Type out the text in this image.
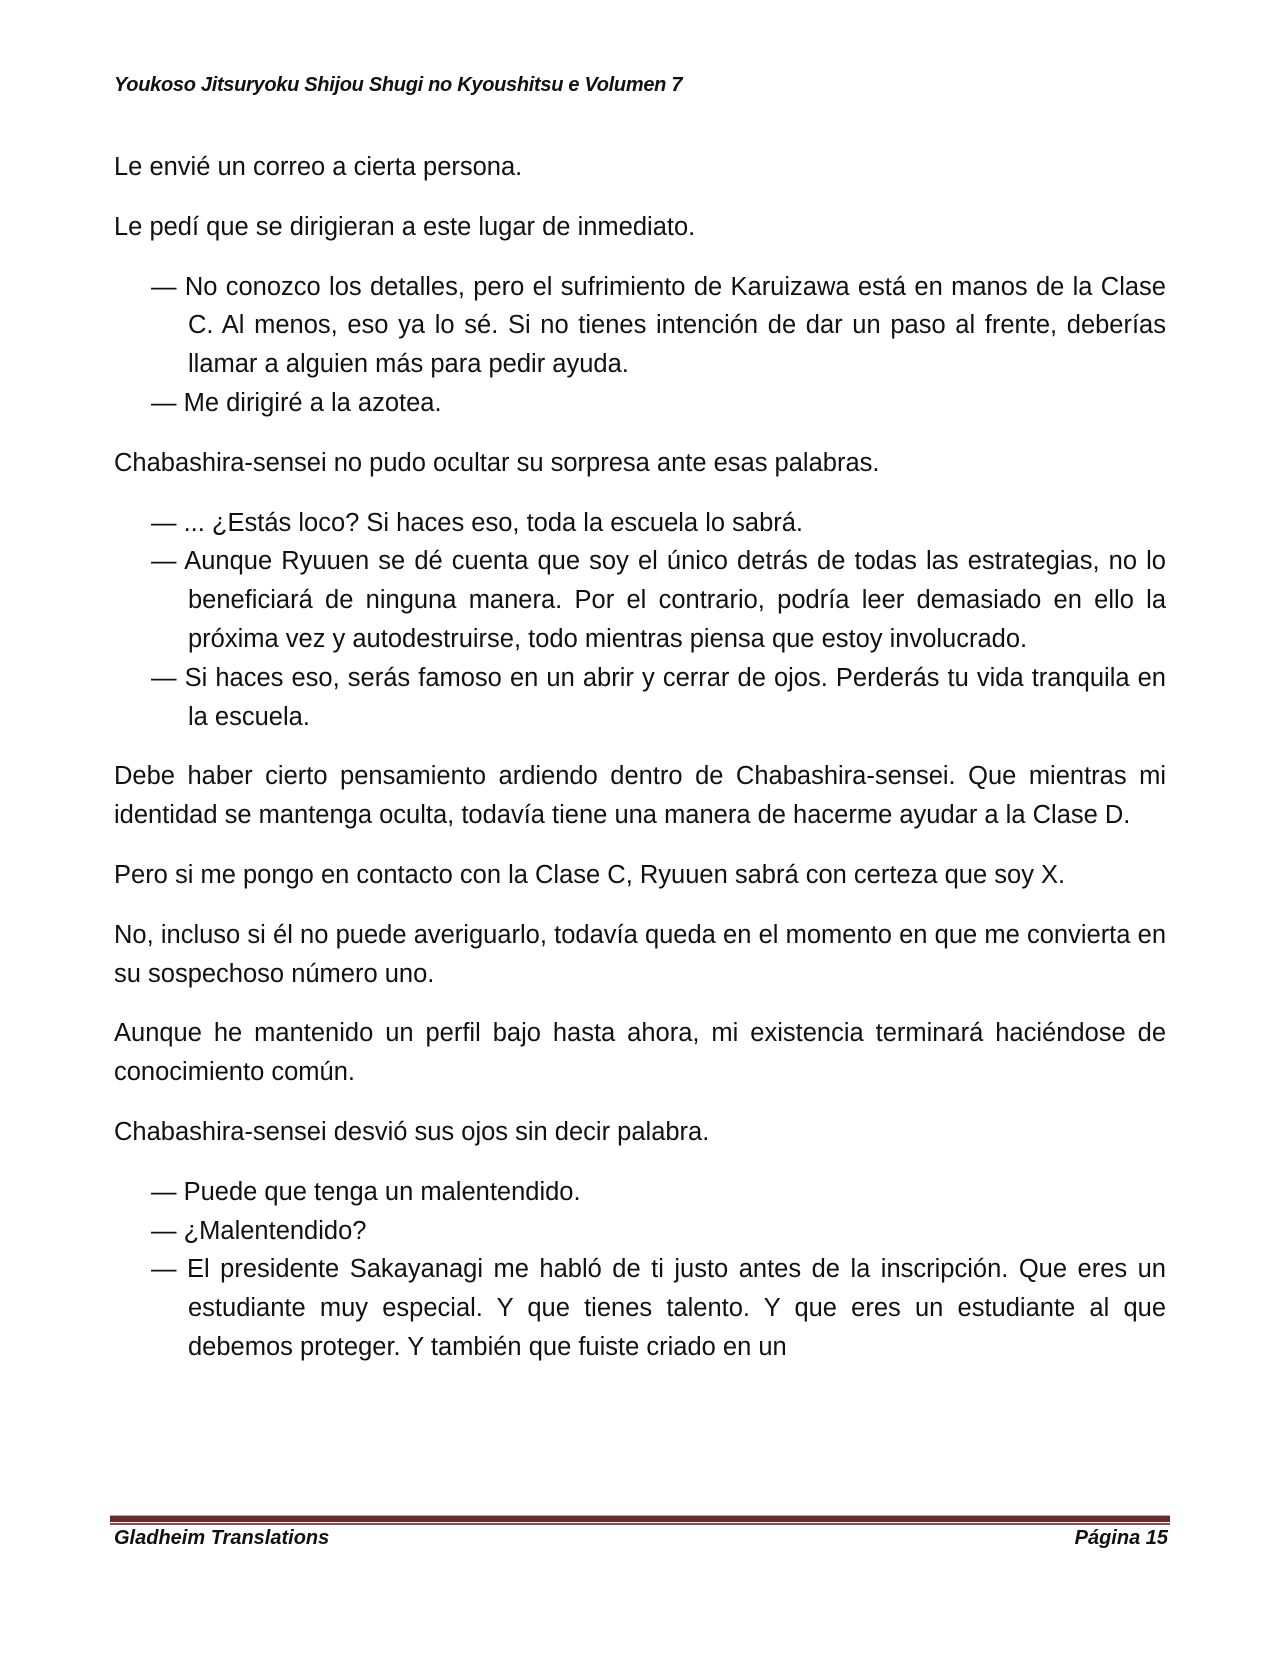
Youkoso Jitsuryoku Shijou Shugi no Kyoushitsu e Volumen 7

Le envié un correo a cierta persona.

Le pedí que se dirigieran a este lugar de inmediato.

— No conozco los detalles, pero el sufrimiento de Karuizawa está en manos de la Clase C. Al menos, eso ya lo sé. Si no tienes intención de dar un paso al frente, deberías llamar a alguien más para pedir ayuda.
— Me dirigiré a la azotea.

Chabashira-sensei no pudo ocultar su sorpresa ante esas palabras.

— ... ¿Estás loco? Si haces eso, toda la escuela lo sabrá.
— Aunque Ryuuen se dé cuenta que soy el único detrás de todas las estrategias, no lo beneficiará de ninguna manera. Por el contrario, podría leer demasiado en ello la próxima vez y autodestruirse, todo mientras piensa que estoy involucrado.
— Si haces eso, serás famoso en un abrir y cerrar de ojos. Perderás tu vida tranquila en la escuela.

Debe haber cierto pensamiento ardiendo dentro de Chabashira-sensei. Que mientras mi identidad se mantenga oculta, todavía tiene una manera de hacerme ayudar a la Clase D.

Pero si me pongo en contacto con la Clase C, Ryuuen sabrá con certeza que soy X.

No, incluso si él no puede averiguarlo, todavía queda en el momento en que me convierta en su sospechoso número uno.

Aunque he mantenido un perfil bajo hasta ahora, mi existencia terminará haciéndose de conocimiento común.

Chabashira-sensei desvió sus ojos sin decir palabra.

— Puede que tenga un malentendido.
— ¿Malentendido?
— El presidente Sakayanagi me habló de ti justo antes de la inscripción. Que eres un estudiante muy especial. Y que tienes talento. Y que eres un estudiante al que debemos proteger. Y también que fuiste criado en un
Gladheim Translations	Página 15
